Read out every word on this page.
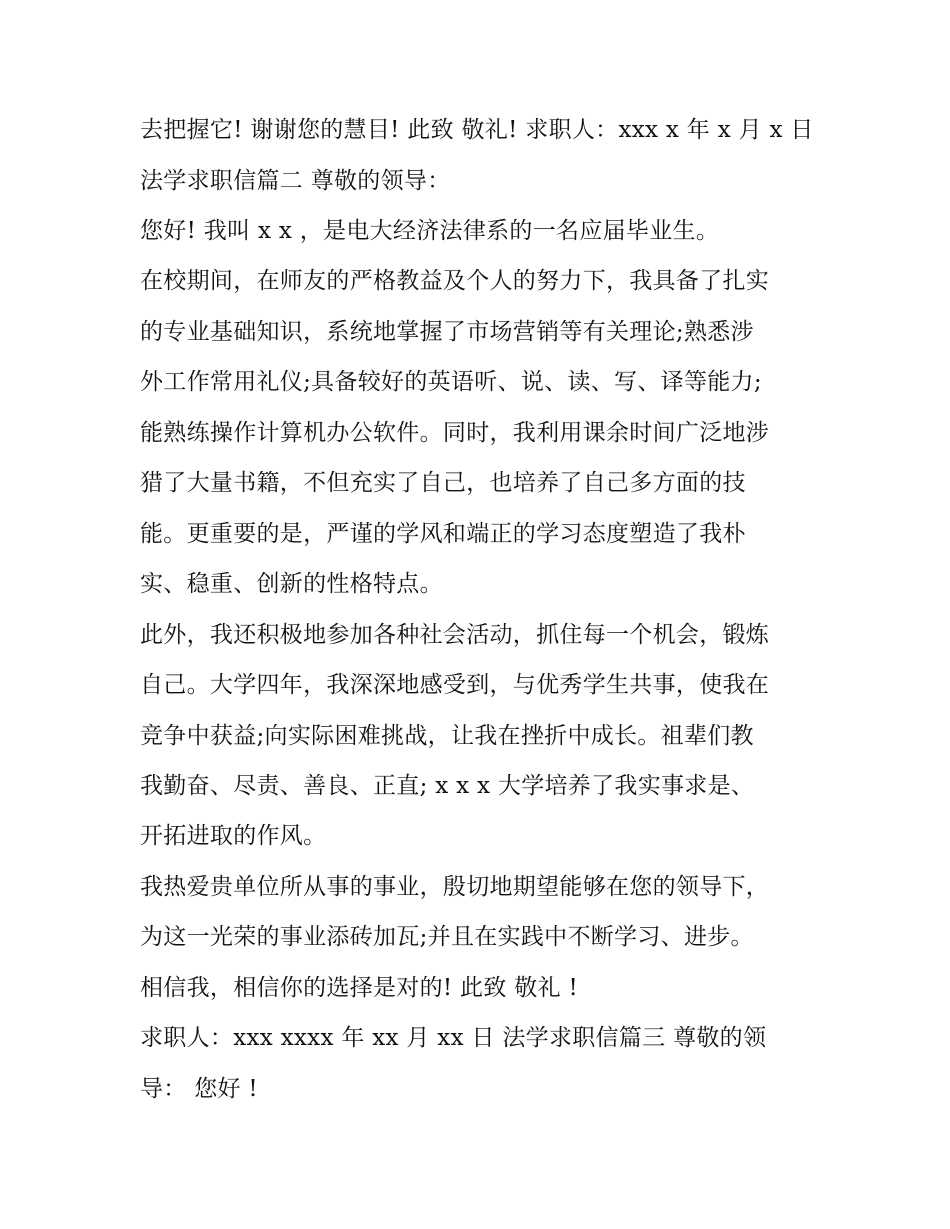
去把握它! 谢谢您的慧目! 此致 敬礼! 求职人：xxx x 年 x 月 x 日
法学求职信篇二 尊敬的领导：
您好! 我叫 x x ，是电大经济法律系的一名应届毕业生。
在校期间，在师友的严格教益及个人的努力下，我具备了扎实
的专业基础知识，系统地掌握了市场营销等有关理论;熟悉涉
外工作常用礼仪;具备较好的英语听、说、读、写、译等能力;
能熟练操作计算机办公软件。同时，我利用课余时间广泛地涉
猎了大量书籍，不但充实了自己，也培养了自己多方面的技
能。更重要的是，严谨的学风和端正的学习态度塑造了我朴
实、稳重、创新的性格特点。
此外，我还积极地参加各种社会活动，抓住每一个机会，锻炼
自己。大学四年，我深深地感受到，与优秀学生共事，使我在
竞争中获益;向实际困难挑战，让我在挫折中成长。祖辈们教
我勤奋、尽责、善良、正直; x x x 大学培养了我实事求是、
开拓进取的作风。
我热爱贵单位所从事的事业，殷切地期望能够在您的领导下，
为这一光荣的事业添砖加瓦;并且在实践中不断学习、进步。
相信我，相信你的选择是对的! 此致 敬礼 !
求职人：xxx xxxx 年 xx 月 xx 日 法学求职信篇三 尊敬的领
导： 您好 !
